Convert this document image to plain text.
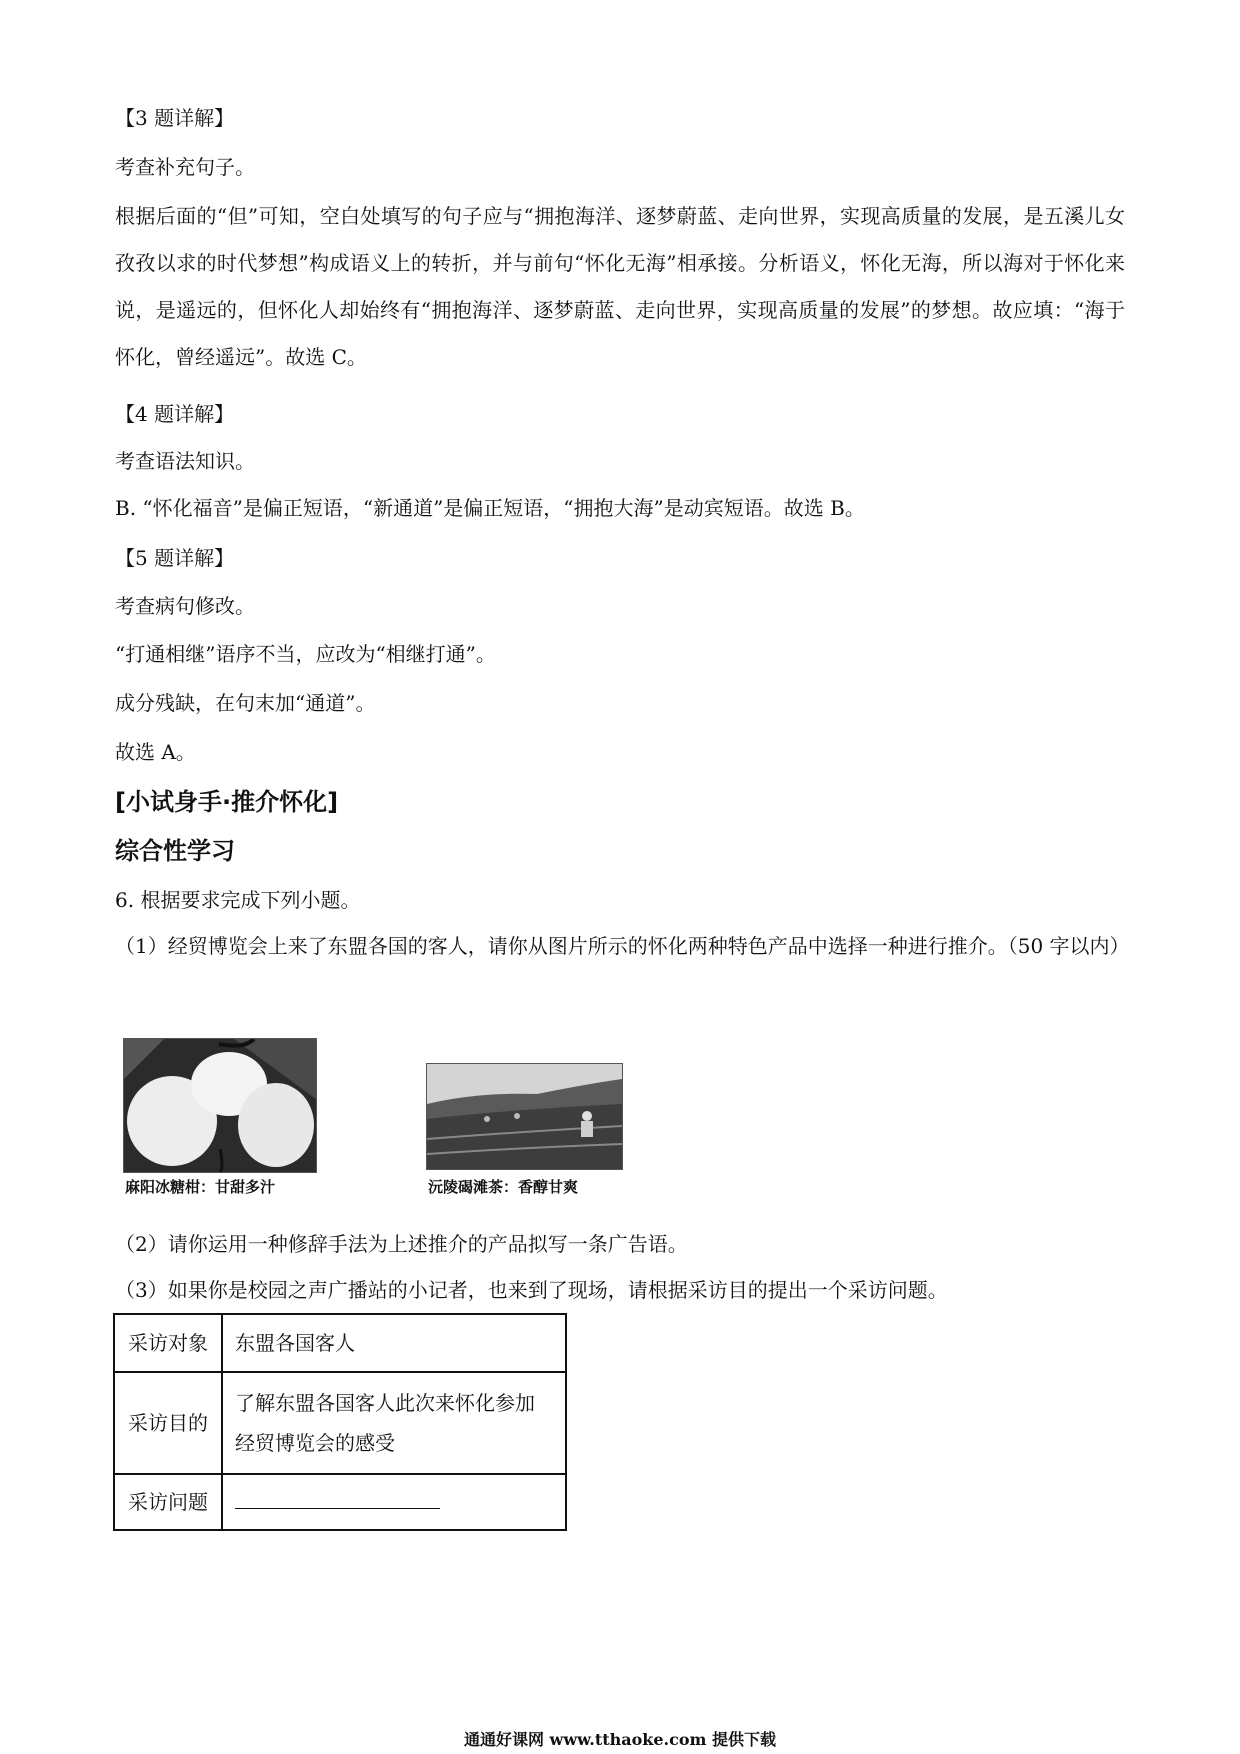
【3 题详解】
考查补充句子。
根据后面的“但”可知，空白处填写的句子应与“拥抱海洋、逐梦蔚蓝、走向世界，实现高质量的发展，是五溪儿女孜孜以求的时代梦想”构成语义上的转折，并与前句“怀化无海”相承接。分析语义，怀化无海，所以海对于怀化来说，是遥远的，但怀化人却始终有“拥抱海洋、逐梦蔚蓝、走向世界，实现高质量的发展”的梦想。故应填：“海于怀化，曾经遥远”。故选 C。
【4 题详解】
考查语法知识。
B. “怀化福音”是偏正短语，“新通道”是偏正短语，“拥抱大海”是动宾短语。故选 B。
【5 题详解】
考查病句修改。
“打通相继”语序不当，应改为“相继打通”。
成分残缺，在句末加“通道”。
故选 A。
[小试身手·推介怀化]
综合性学习
6. 根据要求完成下列小题。
（1）经贸博览会上来了东盟各国的客人，请你从图片所示的怀化两种特色产品中选择一种进行推介。（50 字以内）
麻阳冰糖柑：甘甜多汁	沅陵碣滩茶：香醇甘爽
（2）请你运用一种修辞手法为上述推介的产品拟写一条广告语。
（3）如果你是校园之声广播站的小记者，也来到了现场，请根据采访目的提出一个采访问题。
采访对象	东盟各国客人
采访目的	了解东盟各国客人此次来怀化参加经贸博览会的感受
采访问题	
通通好课网 www.tthaoke.com 提供下载
